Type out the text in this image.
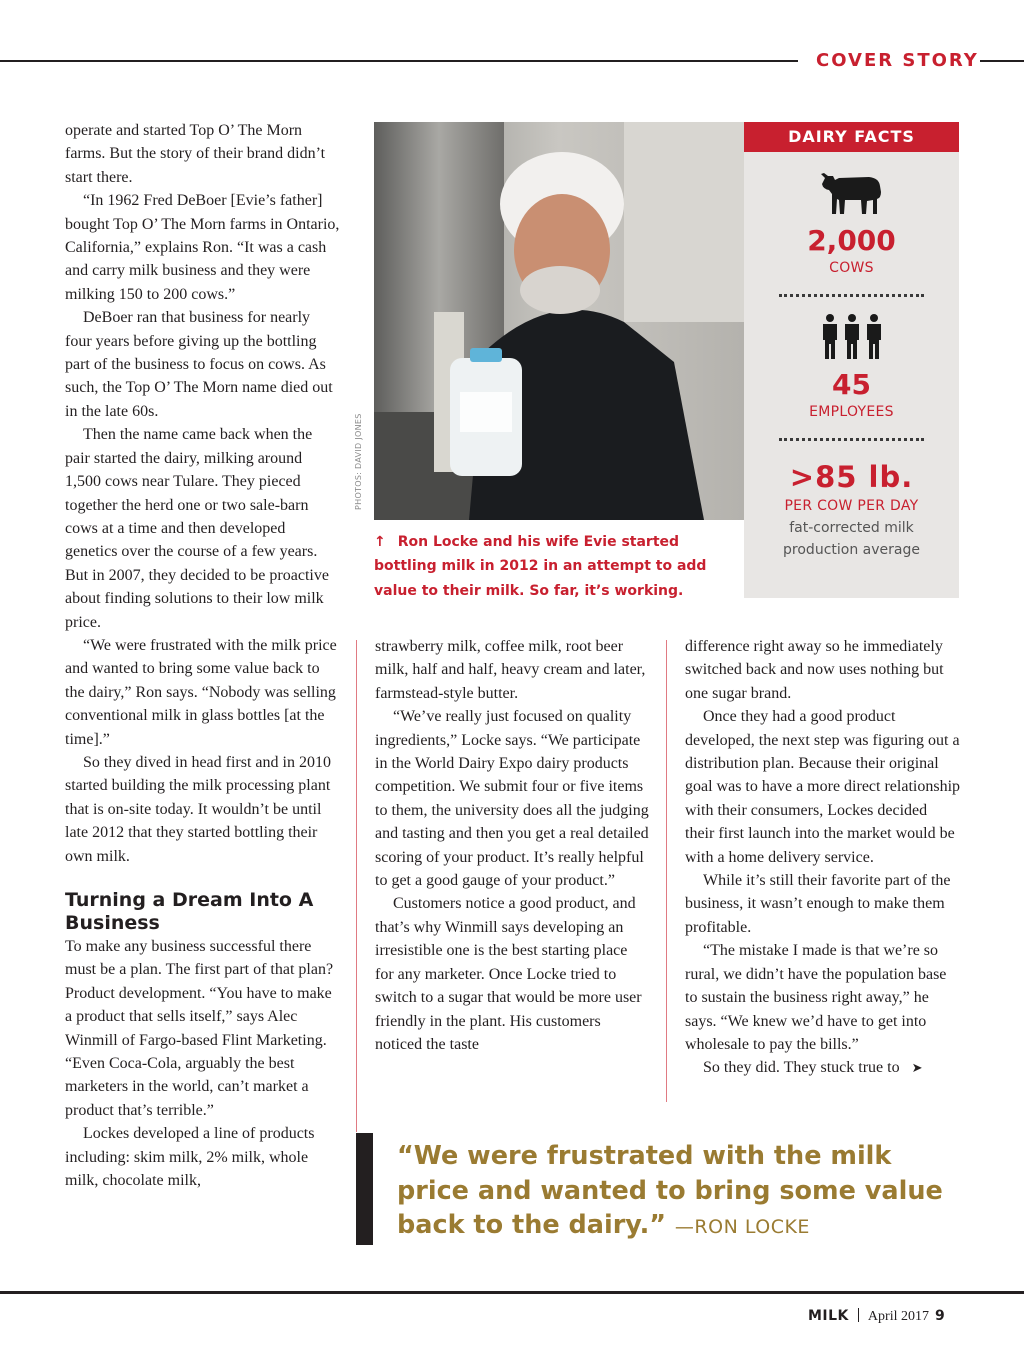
COVER STORY

operate and started Top O’ The Morn farms. But the story of their brand didn’t start there.

“In 1962 Fred DeBoer [Evie’s father] bought Top O’ The Morn farms in Ontario, California,” explains Ron. “It was a cash and carry milk business and they were milking 150 to 200 cows.”

DeBoer ran that business for nearly four years before giving up the bottling part of the business to focus on cows. As such, the Top O’ The Morn name died out in the late 60s.

Then the name came back when the pair started the dairy, milking around 1,500 cows near Tulare. They pieced together the herd one or two sale-barn cows at a time and then developed genetics over the course of a few years. But in 2007, they decided to be proactive about finding solutions to their low milk price.

“We were frustrated with the milk price and wanted to bring some value back to the dairy,” Ron says. “Nobody was selling conventional milk in glass bottles [at the time].”

So they dived in head first and in 2010 started building the milk processing plant that is on-site today. It wouldn’t be until late 2012 that they started bottling their own milk.

Turning a Dream Into A Business

To make any business successful there must be a plan. The first part of that plan? Product development. “You have to make a product that sells itself,” says Alec Winmill of Fargo-based Flint Marketing. “Even Coca-Cola, arguably the best marketers in the world, can’t market a product that’s terrible.”

Lockes developed a line of products including: skim milk, 2% milk, whole milk, chocolate milk,

PHOTOS: DAVID JONES
↑ Ron Locke and his wife Evie started bottling milk in 2012 in an attempt to add value to their milk. So far, it’s working.
DAIRY FACTS
2,000
COWS
45
EMPLOYEES
>85 lb.
PER COW PER DAY
fat-corrected milk production average

strawberry milk, coffee milk, root beer milk, half and half, heavy cream and later, farmstead-style butter.

“We’ve really just focused on quality ingredients,” Locke says. “We participate in the World Dairy Expo dairy products competition. We submit four or five items to them, the university does all the judging and tasting and then you get a real detailed scoring of your product. It’s really helpful to get a good gauge of your product.”

Customers notice a good product, and that’s why Winmill says developing an irresistible one is the best starting place for any marketer. Once Locke tried to switch to a sugar that would be more user friendly in the plant. His customers noticed the taste

difference right away so he immediately switched back and now uses nothing but one sugar brand.

Once they had a good product developed, the next step was figuring out a distribution plan. Because their original goal was to have a more direct relationship with their consumers, Lockes decided their first launch into the market would be with a home delivery service.

While it’s still their favorite part of the business, it wasn’t enough to make them profitable.

“The mistake I made is that we’re so rural, we didn’t have the population base to sustain the business right away,” he says. “We knew we’d have to get into wholesale to pay the bills.”

So they did. They stuck true to ➤

“We were frustrated with the milk price and wanted to bring some value back to the dairy.” —RON LOCKE
MILK April 2017 9
